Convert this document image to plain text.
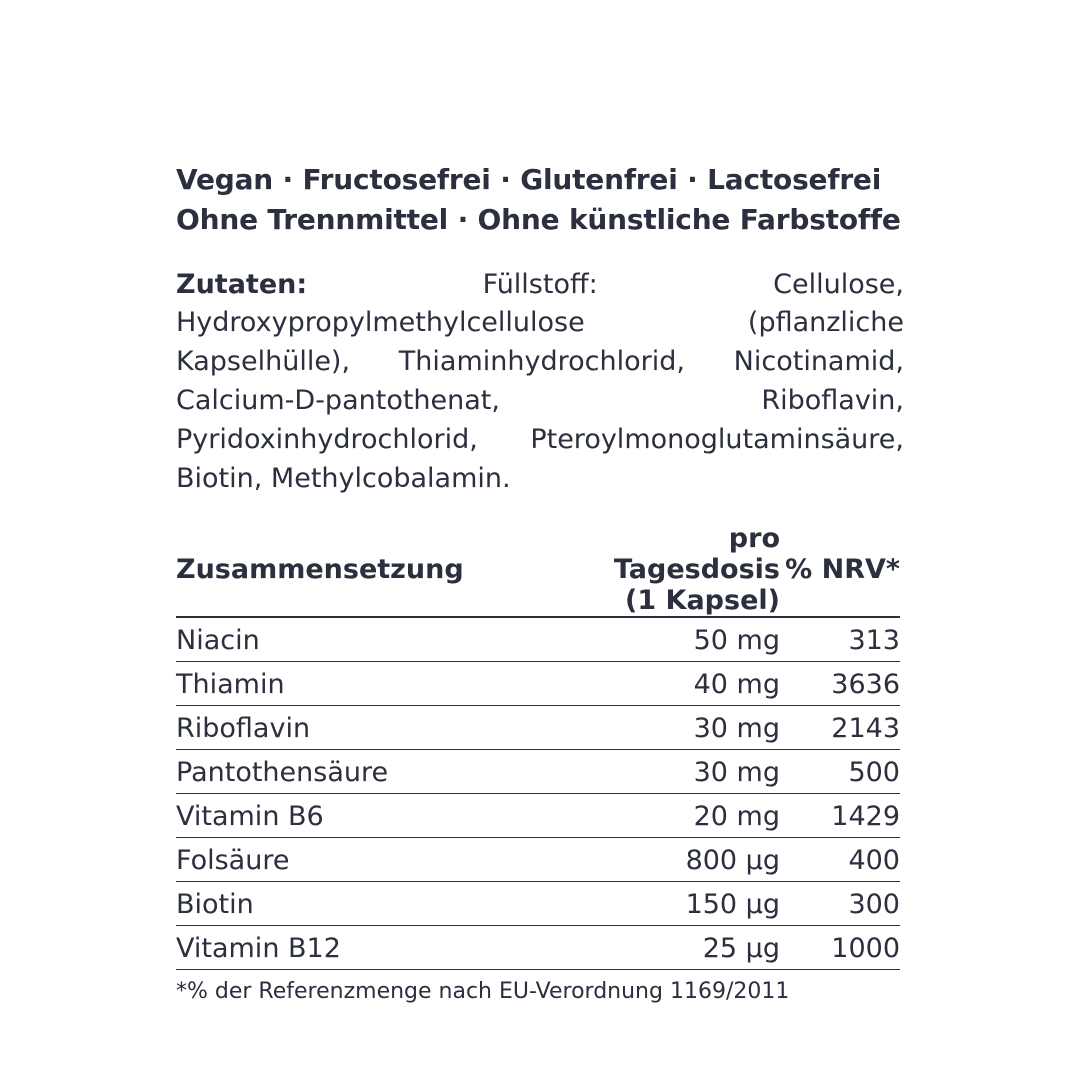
Vegan · Fructosefrei · Glutenfrei · Lactosefrei
Ohne Trennmittel · Ohne künstliche Farbstoffe

Zutaten:	Füllstoff: Cellulose, Hydroxypropylmethylcellulose (pflanzliche Kapselhülle), Thiaminhydrochlorid, Nicotinamid, Calcium-D-pantothenat, Riboflavin, Pyridoxinhydrochlorid, Pteroylmonoglutaminsäure, Biotin, Methylcobalamin.

Zusammensetzung	pro Tagesdosis	% NRV*
	(1 Kapsel)	

Niacin	50 mg	313
Thiamin	40 mg	3636
Riboflavin	30 mg	2143
Pantothensäure	30 mg	500
Vitamin B6	20 mg	1429
Folsäure	800 µg	400
Biotin	150 µg	300
Vitamin B12	25 µg	1000
*% der Referenzmenge nach EU-Verordnung 1169/2011
